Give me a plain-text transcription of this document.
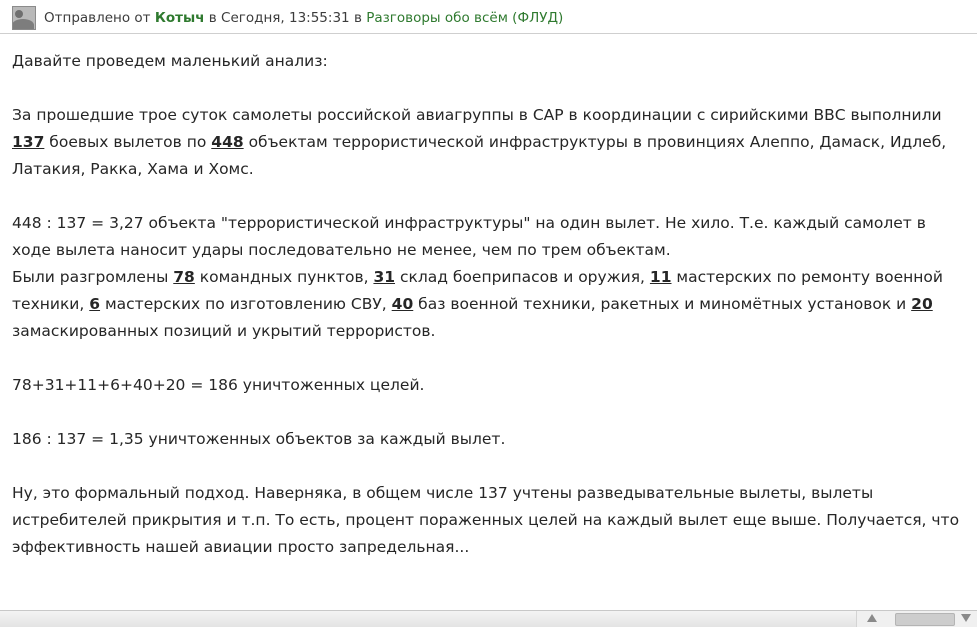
Отправлено от Котыч в Сегодня, 13:55:31 в Разговоры обо всём (ФЛУД)

Давайте проведем маленький анализ:

За прошедшие трое суток самолеты российской авиагруппы в САР в координации с сирийскими ВВС выполнили 137 боевых вылетов по 448 объектам террористической инфраструктуры в провинциях Алеппо, Дамаск, Идлеб, Латакия, Ракка, Хама и Хомс.

448 : 137 = 3,27 объекта "террористической инфраструктуры" на один вылет. Не хило. Т.е. каждый самолет в ходе вылета наносит удары последовательно не менее, чем по трем объектам.

Были разгромлены 78 командных пунктов, 31 склад боеприпасов и оружия, 11 мастерских по ремонту военной техники, 6 мастерских по изготовлению СВУ, 40 баз военной техники, ракетных и миномётных установок и 20 замаскированных позиций и укрытий террористов.

78+31+11+6+40+20 = 186 уничтоженных целей.

186 : 137 = 1,35 уничтоженных объектов за каждый вылет.

Ну, это формальный подход. Наверняка, в общем числе 137 учтены разведывательные вылеты, вылеты истребителей прикрытия и т.п. То есть, процент пораженных целей на каждый вылет еще выше. Получается, что эффективность нашей авиации просто запредельная...
